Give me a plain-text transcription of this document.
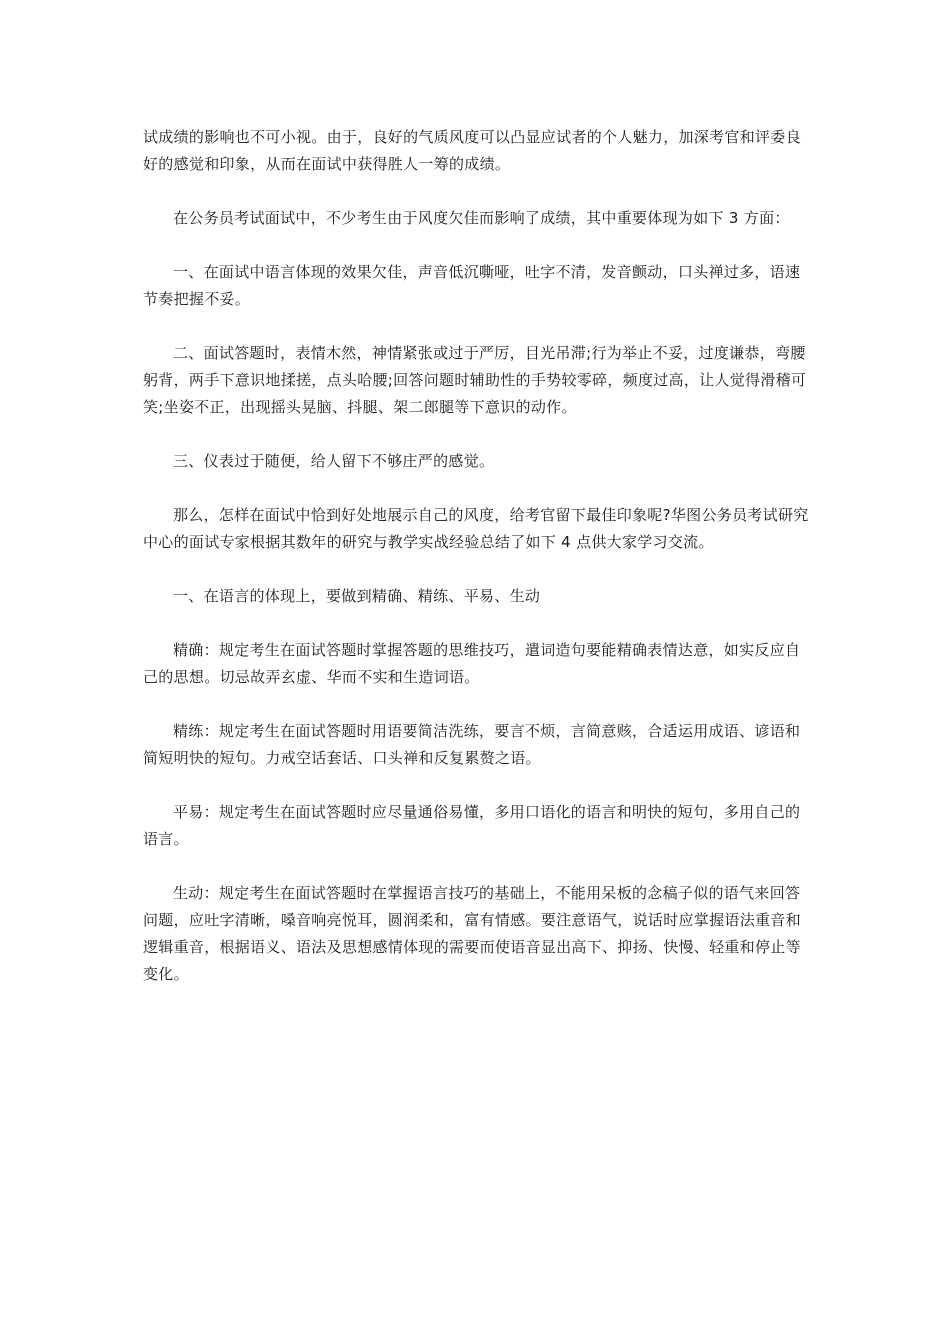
试成绩的影响也不可小视。由于，良好的气质风度可以凸显应试者的个人魅力，加深考官和评委良好的感觉和印象，从而在面试中获得胜人一筹的成绩。

在公务员考试面试中，不少考生由于风度欠佳而影响了成绩，其中重要体现为如下 3 方面：

一、在面试中语言体现的效果欠佳，声音低沉嘶哑，吐字不清，发音颤动，口头禅过多，语速节奏把握不妥。

二、面试答题时，表情木然，神情紧张或过于严厉，目光吊滞;行为举止不妥，过度谦恭，弯腰躬背，两手下意识地揉搓，点头哈腰;回答问题时辅助性的手势较零碎，频度过高，让人觉得滑稽可笑;坐姿不正，出现摇头晃脑、抖腿、架二郎腿等下意识的动作。

三、仪表过于随便，给人留下不够庄严的感觉。

那么，怎样在面试中恰到好处地展示自己的风度，给考官留下最佳印象呢?华图公务员考试研究中心的面试专家根据其数年的研究与教学实战经验总结了如下 4 点供大家学习交流。

一、在语言的体现上，要做到精确、精练、平易、生动

精确：规定考生在面试答题时掌握答题的思维技巧，遣词造句要能精确表情达意，如实反应自己的思想。切忌故弄玄虚、华而不实和生造词语。

精练：规定考生在面试答题时用语要简洁洗练，要言不烦，言简意赅，合适运用成语、谚语和简短明快的短句。力戒空话套话、口头禅和反复累赘之语。

平易：规定考生在面试答题时应尽量通俗易懂，多用口语化的语言和明快的短句，多用自己的语言。

生动：规定考生在面试答题时在掌握语言技巧的基础上，不能用呆板的念稿子似的语气来回答问题，应吐字清晰，嗓音响亮悦耳，圆润柔和，富有情感。要注意语气，说话时应掌握语法重音和逻辑重音，根据语义、语法及思想感情体现的需要而使语音显出高下、抑扬、快慢、轻重和停止等变化。
